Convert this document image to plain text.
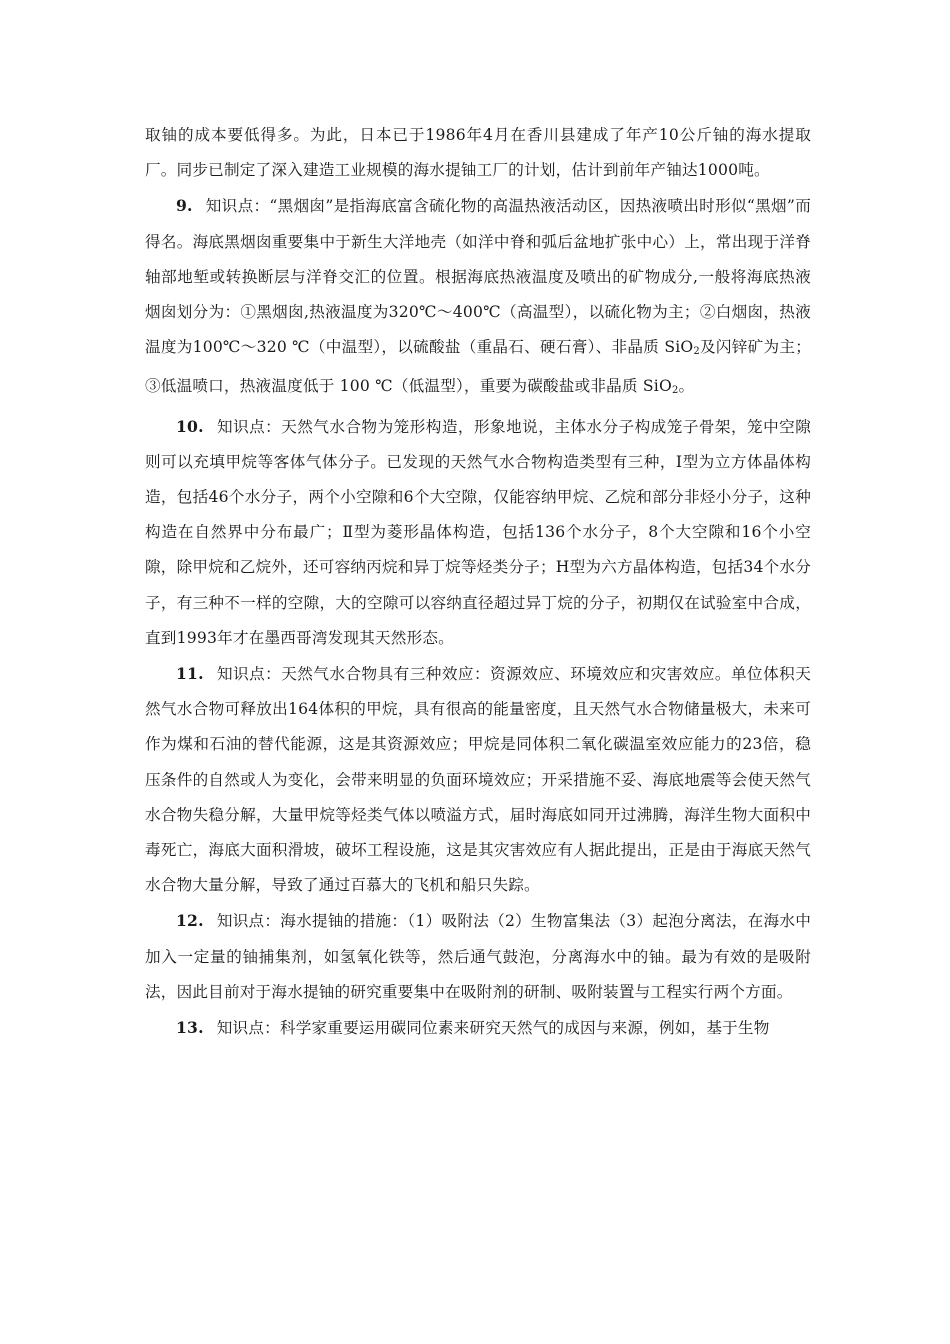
取铀的成本要低得多。为此，日本已于1986年4月在香川县建成了年产10公斤铀的海水提取厂。同步已制定了深入建造工业规模的海水提铀工厂的计划，估计到前年产铀达1000吨。

9. 知识点：“黑烟囱”是指海底富含硫化物的高温热液活动区，因热液喷出时形似“黑烟”而得名。海底黑烟囱重要集中于新生大洋地壳（如洋中脊和弧后盆地扩张中心）上，常出现于洋脊轴部地堑或转换断层与洋脊交汇的位置。根据海底热液温度及喷出的矿物成分,一般将海底热液烟囱划分为：①黑烟囱,热液温度为320℃～400℃（高温型），以硫化物为主；②白烟囱，热液温度为100℃～320 ℃（中温型），以硫酸盐（重晶石、硬石膏）、非晶质 SiO$_2$及闪锌矿为主；③低温喷口，热液温度低于 100 ℃（低温型），重要为碳酸盐或非晶质 SiO$_2$。

10. 知识点：天然气水合物为笼形构造，形象地说，主体水分子构成笼子骨架，笼中空隙则可以充填甲烷等客体气体分子。已发现的天然气水合物构造类型有三种，Ⅰ型为立方体晶体构造，包括46个水分子，两个小空隙和6个大空隙，仅能容纳甲烷、乙烷和部分非烃小分子，这种构造在自然界中分布最广；Ⅱ型为菱形晶体构造，包括136个水分子，8个大空隙和16个小空隙，除甲烷和乙烷外，还可容纳丙烷和异丁烷等烃类分子；H型为六方晶体构造，包括34个水分子，有三种不一样的空隙，大的空隙可以容纳直径超过异丁烷的分子，初期仅在试验室中合成，直到1993年才在墨西哥湾发现其天然形态。

11. 知识点：天然气水合物具有三种效应：资源效应、环境效应和灾害效应。单位体积天然气水合物可释放出164体积的甲烷，具有很高的能量密度，且天然气水合物储量极大，未来可作为煤和石油的替代能源，这是其资源效应；甲烷是同体积二氧化碳温室效应能力的23倍，稳压条件的自然或人为变化，会带来明显的负面环境效应；开采措施不妥、海底地震等会使天然气水合物失稳分解，大量甲烷等烃类气体以喷溢方式，届时海底如同开过沸腾，海洋生物大面积中毒死亡，海底大面积滑坡，破坏工程设施，这是其灾害效应有人据此提出，正是由于海底天然气水合物大量分解，导致了通过百慕大的飞机和船只失踪。

12. 知识点：海水提铀的措施：（1）吸附法（2）生物富集法（3）起泡分离法，在海水中加入一定量的铀捕集剂，如氢氧化铁等，然后通气鼓泡，分离海水中的铀。最为有效的是吸附法，因此目前对于海水提铀的研究重要集中在吸附剂的研制、吸附装置与工程实行两个方面。

13. 知识点：科学家重要运用碳同位素来研究天然气的成因与来源，例如，基于生物
